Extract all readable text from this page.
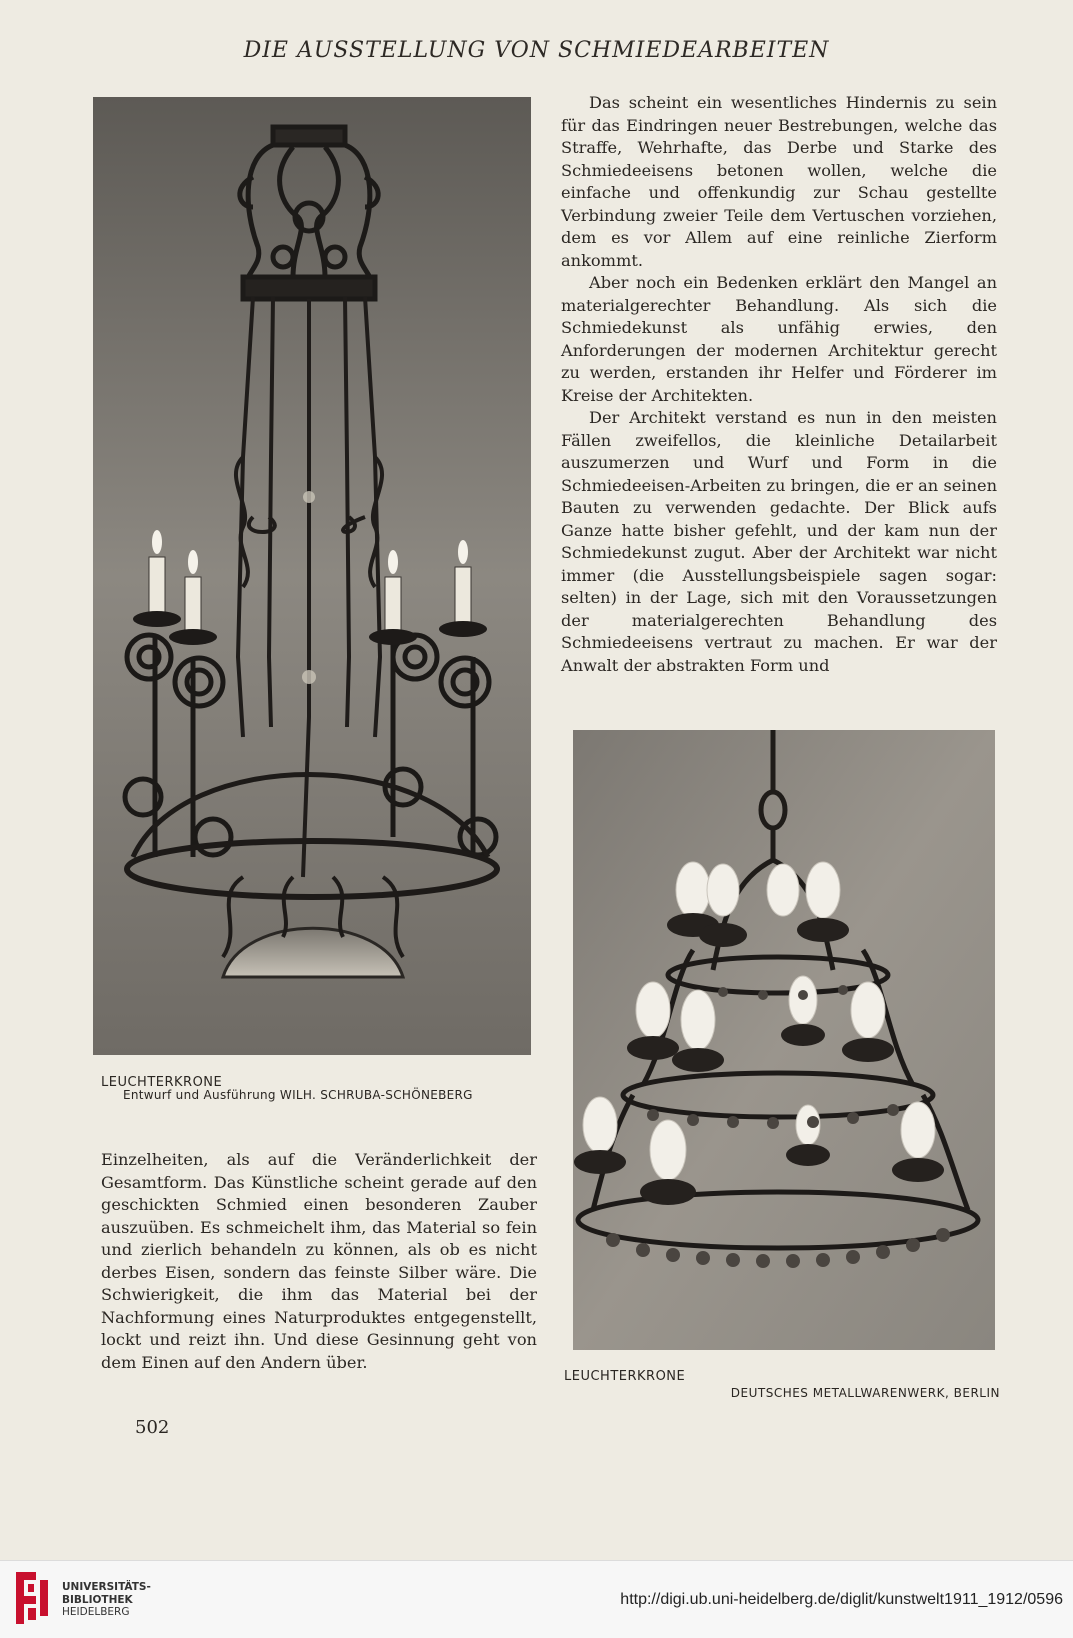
DIE AUSSTELLUNG VON SCHMIEDEARBEITEN
LEUCHTERKRONE
Entwurf und Ausführung WILH. SCHRUBA-SCHÖNEBERG

Das scheint ein wesentliches Hindernis zu sein für das Eindringen neuer Bestrebungen, welche das Straffe, Wehrhafte, das Derbe und Starke des Schmiedeeisens betonen wollen, welche die einfache und offenkundig zur Schau gestellte Verbindung zweier Teile dem Vertuschen vorziehen, dem es vor Allem auf eine reinliche Zierform ankommt.

Aber noch ein Bedenken erklärt den Mangel an materialgerechter Behandlung. Als sich die Schmiedekunst als unfähig erwies, den Anforderungen der modernen Architektur gerecht zu werden, erstanden ihr Helfer und Förderer im Kreise der Architekten.

Der Architekt verstand es nun in den meisten Fällen zweifellos, die kleinliche Detailarbeit auszumerzen und Wurf und Form in die Schmiedeeisen-Arbeiten zu bringen, die er an seinen Bauten zu verwenden gedachte. Der Blick aufs Ganze hatte bisher gefehlt, und der kam nun der Schmiedekunst zugut. Aber der Architekt war nicht immer (die Ausstellungsbeispiele sagen sogar: selten) in der Lage, sich mit den Voraussetzungen der materialgerechten Behandlung des Schmiedeeisens vertraut zu machen. Er war der Anwalt der abstrakten Form und

LEUCHTERKRONE
DEUTSCHES METALLWARENWERK, BERLIN

Einzelheiten, als auf die Veränderlichkeit der Gesamtform. Das Künstliche scheint gerade auf den geschickten Schmied einen besonderen Zauber auszuüben. Es schmeichelt ihm, das Material so fein und zierlich behandeln zu können, als ob es nicht derbes Eisen, sondern das feinste Silber wäre. Die Schwierigkeit, die ihm das Material bei der Nachformung eines Naturproduktes entgegenstellt, lockt und reizt ihn. Und diese Gesinnung geht von dem Einen auf den Andern über.

502
UNIVERSITÄTS-
BIBLIOTHEK
HEIDELBERG
http://digi.ub.uni-heidelberg.de/diglit/kunstwelt1911_1912/0596
